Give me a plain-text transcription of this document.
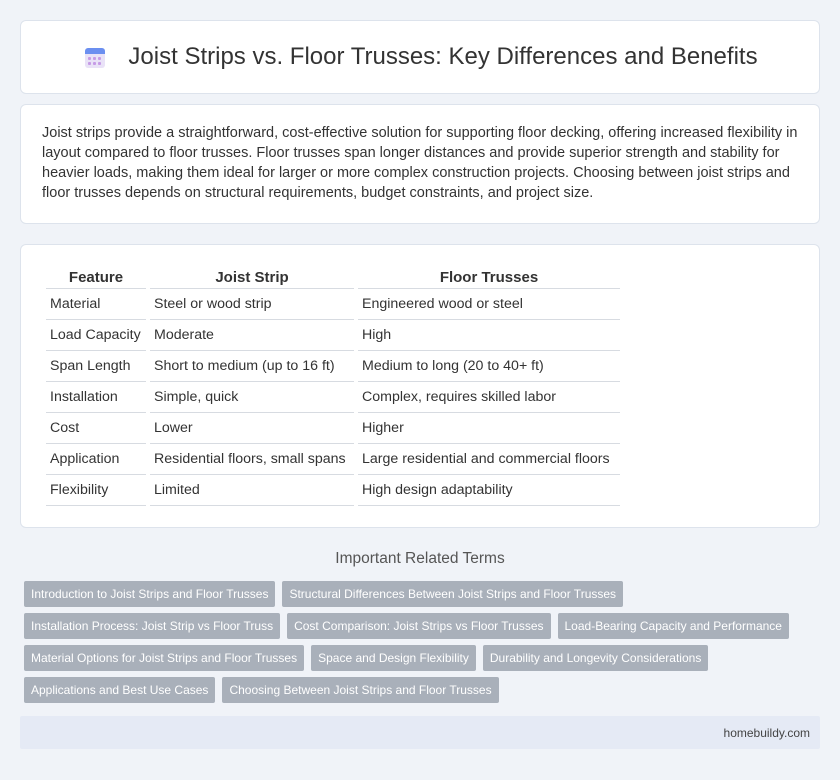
Joist Strips vs. Floor Trusses: Key Differences and Benefits

Joist strips provide a straightforward, cost-effective solution for supporting floor decking, offering increased flexibility in layout compared to floor trusses. Floor trusses span longer distances and provide superior strength and stability for heavier loads, making them ideal for larger or more complex construction projects. Choosing between joist strips and floor trusses depends on structural requirements, budget constraints, and project size.

Feature	Joist Strip	Floor Trusses
Material	Steel or wood strip	Engineered wood or steel
Load Capacity	Moderate	High
Span Length	Short to medium (up to 16 ft)	Medium to long (20 to 40+ ft)
Installation	Simple, quick	Complex, requires skilled labor
Cost	Lower	Higher
Application	Residential floors, small spans	Large residential and commercial floors
Flexibility	Limited	High design adaptability
Important Related Terms
Introduction to Joist Strips and Floor Trusses	Structural Differences Between Joist Strips and Floor Trusses
Installation Process: Joist Strip vs Floor Truss	Cost Comparison: Joist Strips vs Floor Trusses	Load-Bearing Capacity and Performance
Material Options for Joist Strips and Floor Trusses	Space and Design Flexibility	Durability and Longevity Considerations
Applications and Best Use Cases	Choosing Between Joist Strips and Floor Trusses
homebuildy.com
